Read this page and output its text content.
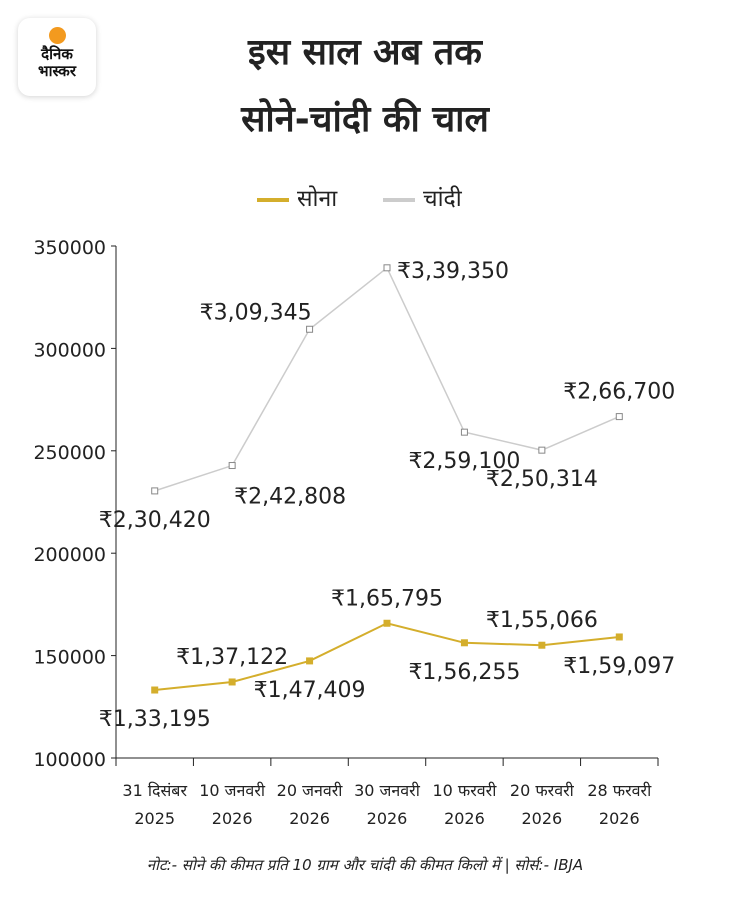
दैनिक
भास्कर	इस साल अब तक
सोने-चांदी की चाल
सोना	चांदी
100000
150000
200000
250000
300000
350000
31 दिसंबर
2025
10 जनवरी
2026
20 जनवरी
2026
30 जनवरी
2026
10 फरवरी
2026
20 फरवरी
2026
28 फरवरी
2026
₹1,33,195
₹1,37,122
₹1,47,409
₹1,65,795
₹1,56,255
₹1,55,066
₹1,59,097
₹2,30,420
₹2,42,808
₹3,09,345
₹3,39,350
₹2,59,100
₹2,50,314
₹2,66,700
नोट:- सोने की कीमत प्रति 10 ग्राम और चांदी की कीमत किलो में | सोर्स:- IBJA
